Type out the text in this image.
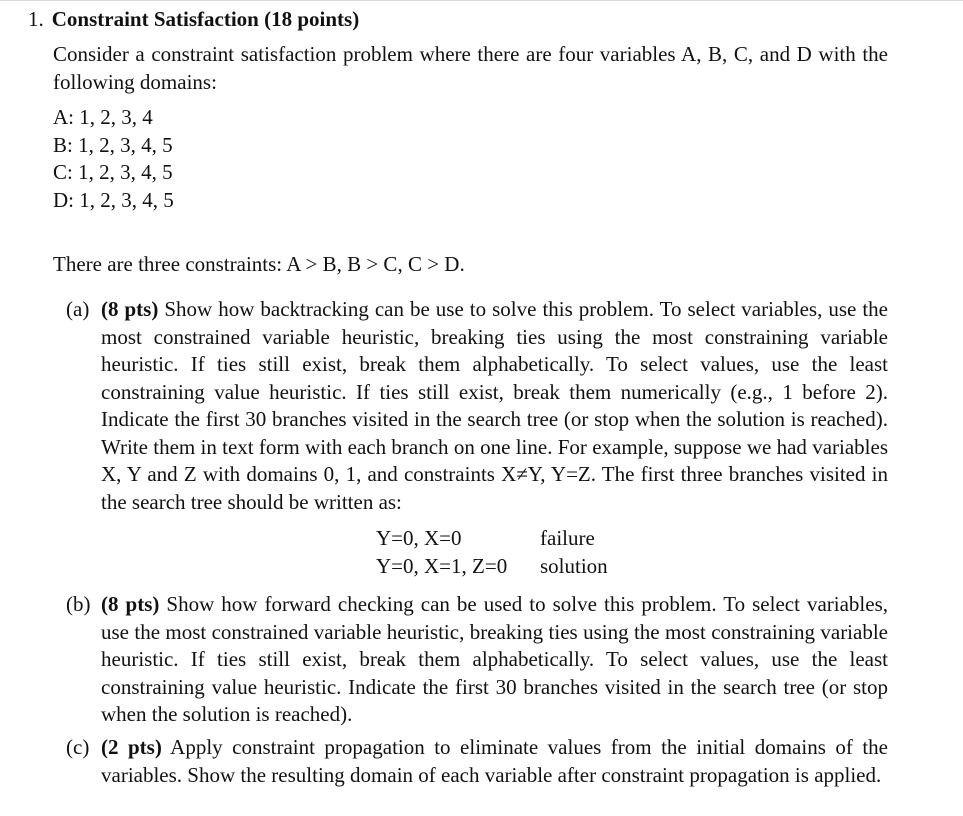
1. Constraint Satisfaction (18 points)
Consider a constraint satisfaction problem where there are four variables A, B, C, and D with the following domains:
A: 1, 2, 3, 4
B: 1, 2, 3, 4, 5
C: 1, 2, 3, 4, 5
D: 1, 2, 3, 4, 5
There are three constraints: A > B, B > C, C > D.
(a) (8 pts) Show how backtracking can be use to solve this problem. To select variables, use the most constrained variable heuristic, breaking ties using the most constraining variable heuristic. If ties still exist, break them alphabetically. To select values, use the least constraining value heuristic. If ties still exist, break them numerically (e.g., 1 before 2). Indicate the first 30 branches visited in the search tree (or stop when the solution is reached). Write them in text form with each branch on one line. For example, suppose we had variables X, Y and Z with domains 0, 1, and constraints X≠Y, Y=Z. The first three branches visited in the search tree should be written as:
Y=0, X=0	failure
Y=0, X=1, Z=0	solution
(b) (8 pts) Show how forward checking can be used to solve this problem. To select variables, use the most constrained variable heuristic, breaking ties using the most constraining variable heuristic. If ties still exist, break them alphabetically. To select values, use the least constraining value heuristic. Indicate the first 30 branches visited in the search tree (or stop when the solution is reached).
(c) (2 pts) Apply constraint propagation to eliminate values from the initial domains of the variables. Show the resulting domain of each variable after constraint propagation is applied.
